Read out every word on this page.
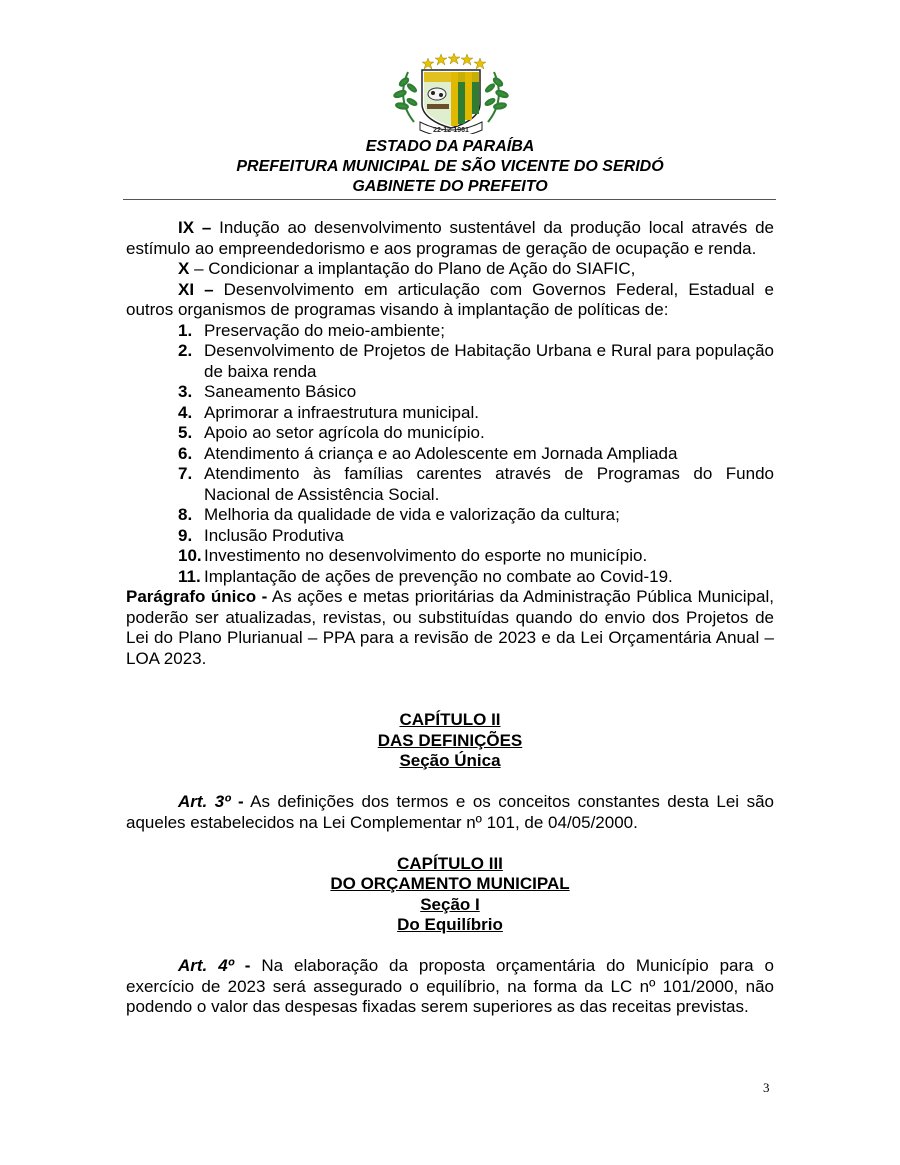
22-12-1961
ESTADO DA PARAÍBA
PREFEITURA MUNICIPAL DE SÃO VICENTE DO SERIDÓ
GABINETE DO PREFEITO

IX – Indução ao desenvolvimento sustentável da produção local através de estímulo ao empreendedorismo e aos programas de geração de ocupação e renda.

X – Condicionar a implantação do Plano de Ação do SIAFIC,

XI – Desenvolvimento em articulação com Governos Federal, Estadual e outros organismos de programas visando à implantação de políticas de:

1. Preservação do meio-ambiente;
2. Desenvolvimento de Projetos de Habitação Urbana e Rural para população de baixa renda
3. Saneamento Básico
4. Aprimorar a infraestrutura municipal.
5. Apoio ao setor agrícola do município.
6. Atendimento á criança e ao Adolescente em Jornada Ampliada
7. Atendimento às famílias carentes através de Programas do Fundo Nacional de Assistência Social.
8. Melhoria da qualidade de vida e valorização da cultura;
9. Inclusão Produtiva
10. Investimento no desenvolvimento do esporte no município.
11. Implantação de ações de prevenção no combate ao Covid-19.

Parágrafo único - As ações e metas prioritárias da Administração Pública Municipal, poderão ser atualizadas, revistas, ou substituídas quando do envio dos Projetos de Lei do Plano Plurianual – PPA para a revisão de 2023 e da Lei Orçamentária Anual – LOA 2023.

CAPÍTULO II

DAS DEFINIÇÕES

Seção Única

Art. 3º - As definições dos termos e os conceitos constantes desta Lei são aqueles estabelecidos na Lei Complementar nº 101, de 04/05/2000.

CAPÍTULO III

DO ORÇAMENTO MUNICIPAL

Seção I

Do Equilíbrio

Art. 4º - Na elaboração da proposta orçamentária do Município para o exercício de 2023 será assegurado o equilíbrio, na forma da LC nº 101/2000, não podendo o valor das despesas fixadas serem superiores as das receitas previstas.

3
